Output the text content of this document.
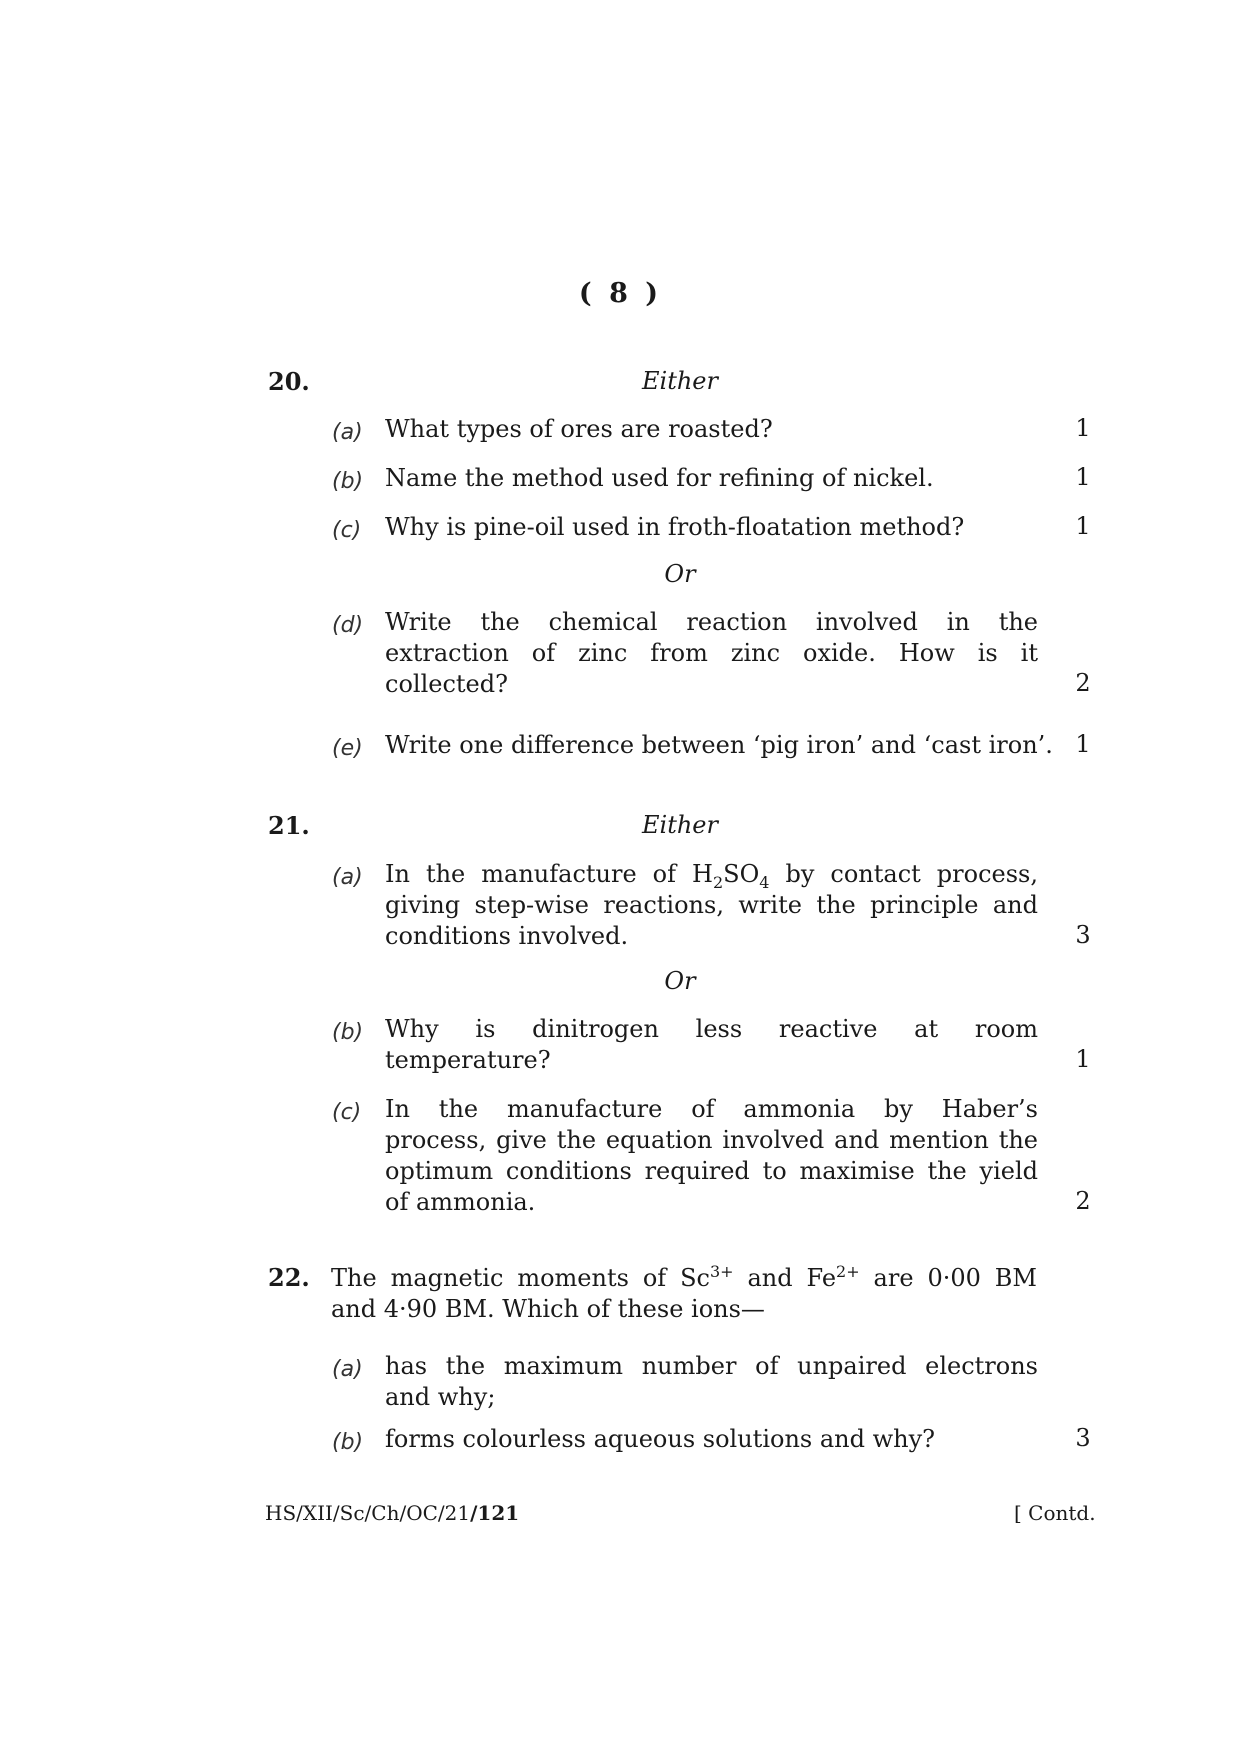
( 8 )
20.	Either
(a) What types of ores are roasted?	1
(b) Name the method used for refining of nickel.	1
(c) Why is pine-oil used in froth-floatation method?	1
Or
(d) Write the chemical reaction involved in the
extraction of zinc from zinc oxide. How is it
collected?	2
(e) Write one difference between ‘pig iron’ and ‘cast iron’. 1
21.	Either
(a) In the manufacture of $H_2SO_4$ by contact process,
giving step-wise reactions, write the principle and
conditions involved.	3
Or
(b) Why is dinitrogen less reactive at room
temperature?	1
(c) In the manufacture of ammonia by Haber’s
process, give the equation involved and mention the
optimum conditions required to maximise the yield
of ammonia.	2
22. The magnetic moments of $Sc^{3+}$ and $Fe^{2+}$ are 0·00 BM
and 4·90 BM. Which of these ions—
(a) has the maximum number of unpaired electrons
and why;
(b) forms colourless aqueous solutions and why?	3
HS/XII/Sc/Ch/OC/21/121	[ Contd.
